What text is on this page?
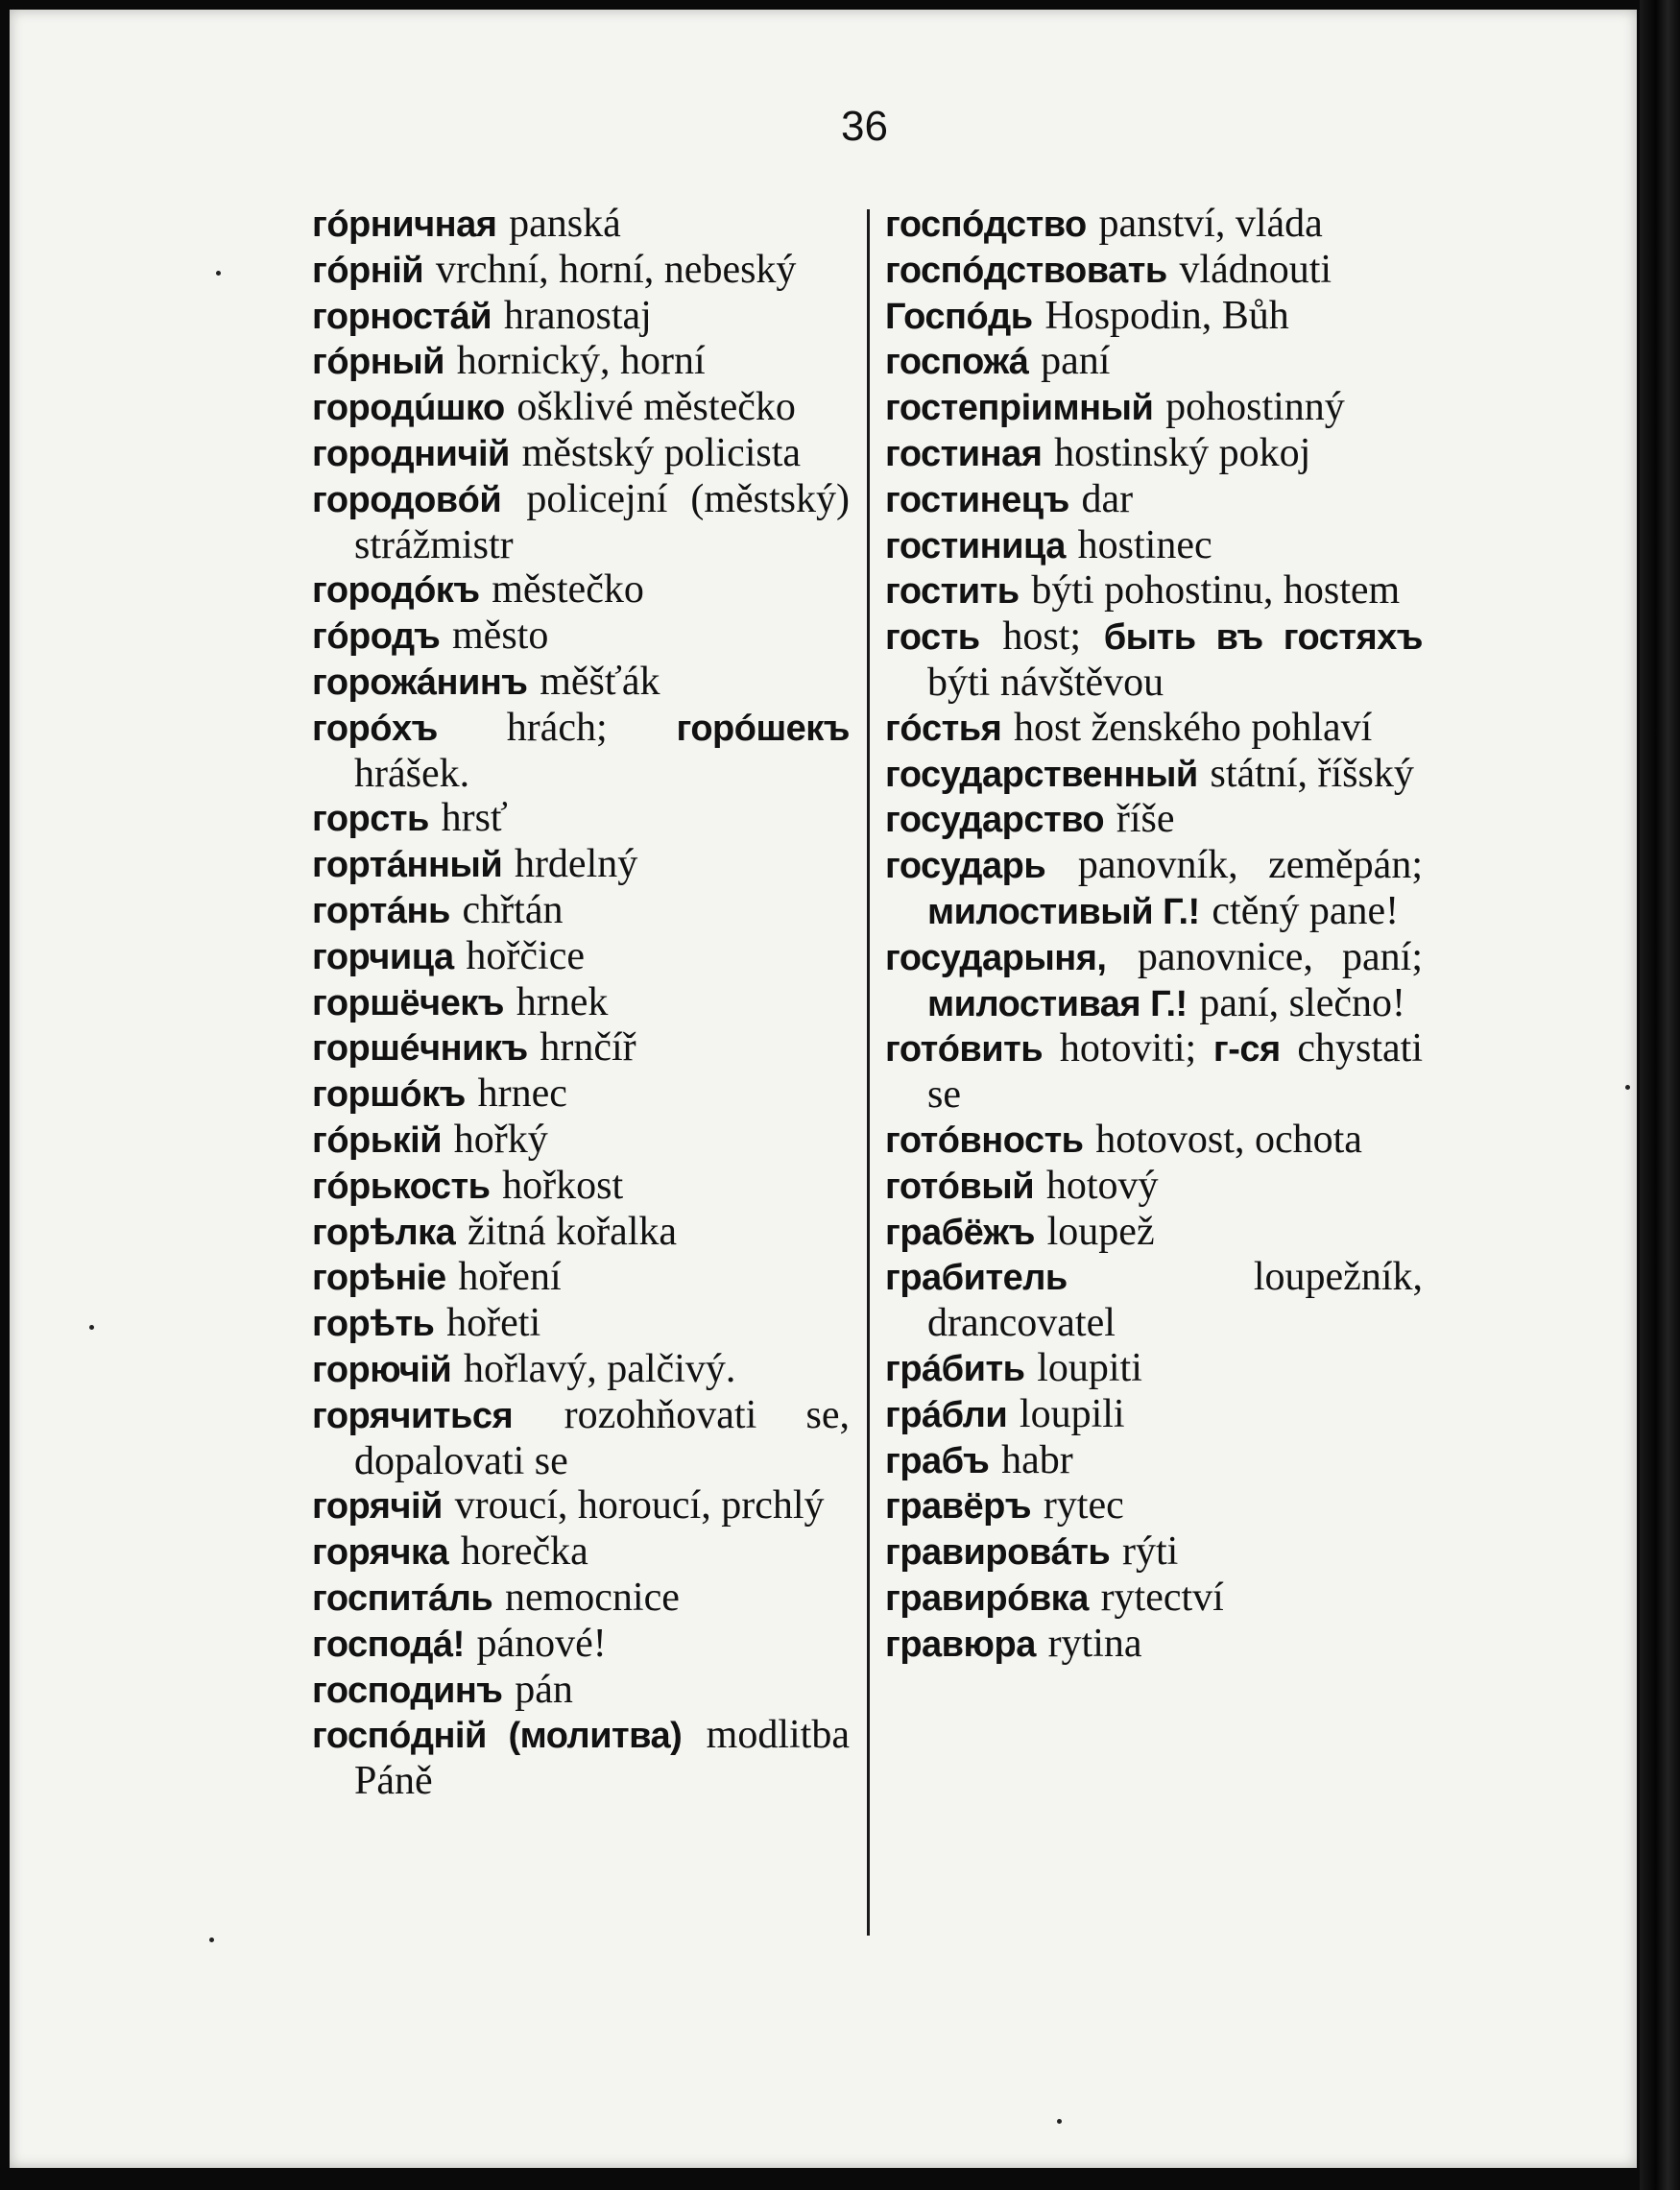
36

гóрничная panská

гóрній vrchní, horní, nebeský

горностáй hranostaj

гóрный hornický, horní

городúшко ošklivé městečko

городничій městský policista

городовóй policejní (městský) strážmistr

городóкъ městečko

гóродъ město

горожáнинъ měšťák

горóхъ hrách; горóшекъ hrášek.

горсть hrsť

гортáнный hrdelný

гортáнь chřtán

горчица hořčice

горшёчекъ hrnek

горшéчникъ hrnčíř

горшóкъ hrnec

гóрькій hořký

гóрькость hořkost

горѣлка žitná kořalka

горѣніе hoření

горѣть hořeti

горючій hořlavý, palčivý.

горячиться rozohňovati se, dopalovati se

горячій vroucí, horoucí, prchlý

горячка horečka

госпитáль nemocnice

господá! pánové!

господинъ pán

госпóдній (молитва) modlitba Páně

госпóдство panství, vláda

госпóдствовать vládnouti

Госпóдь Hospodin, Bůh

госпожá paní

гостепріимный pohostinný

гостиная hostinský pokoj

гостинецъ dar

гостиница hostinec

гостить býti pohostinu, hostem

гость host; быть въ гостяхъ býti návštěvou

гóстья host ženského pohlaví

государственный státní, říšský

государство říše

государь panovník, zeměpán; милостивый Г.! ctěný pane!

государыня, panovnice, paní; милостивая Г.! paní, slečno!

готóвить hotoviti; г-ся chystati se

готóвность hotovost, ochota

готóвый hotový

грабёжъ loupež

грабитель	loupežník, drancovatel

грáбить loupiti

грáбли loupili

грабъ habr

гравёръ rytec

гравировáть rýti

гравирóвка rytectví

гравюра rytina
